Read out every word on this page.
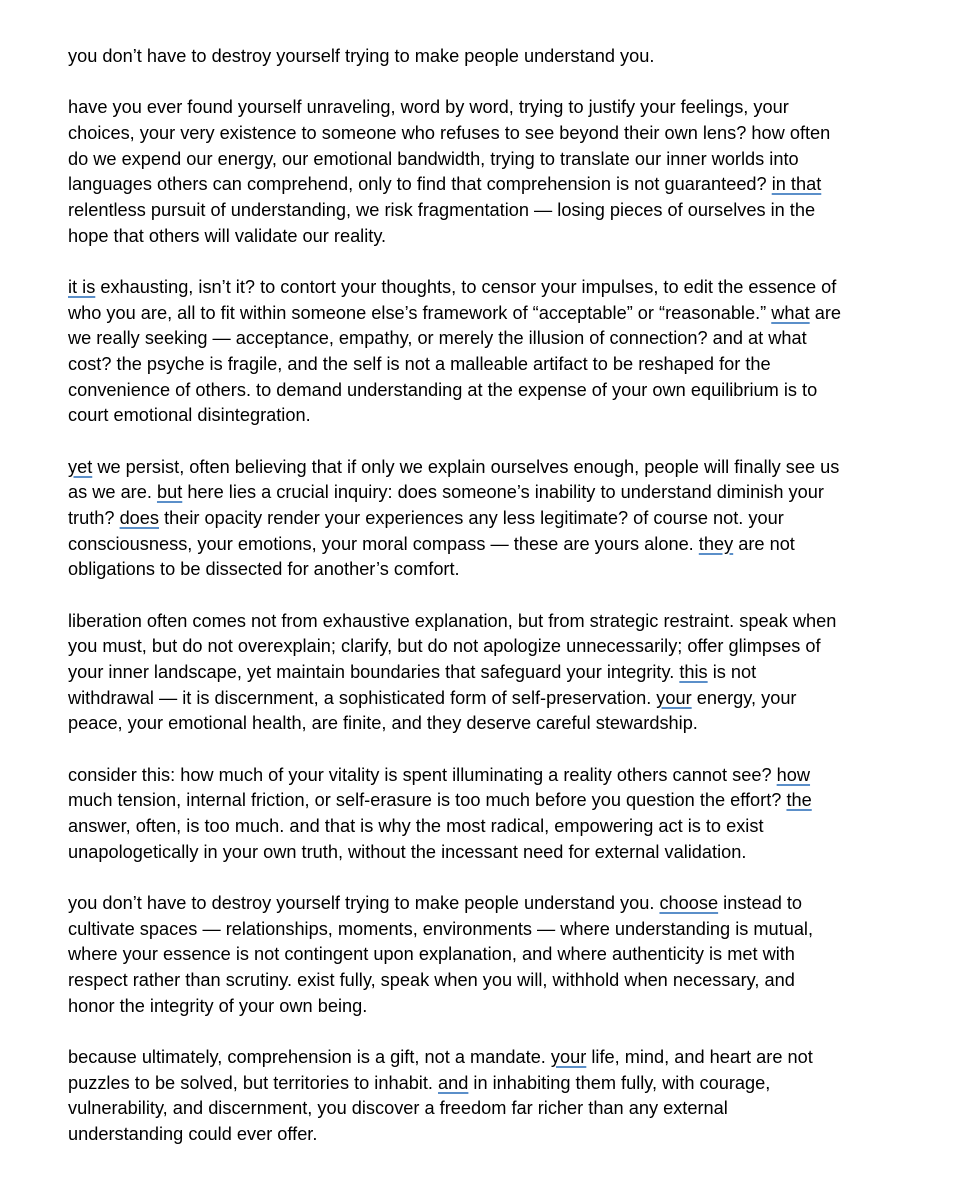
you don’t have to destroy yourself trying to make people understand you.

have you ever found yourself unraveling, word by word, trying to justify your feelings, your
choices, your very existence to someone who refuses to see beyond their own lens? how often
do we expend our energy, our emotional bandwidth, trying to translate our inner worlds into
languages others can comprehend, only to find that comprehension is not guaranteed? in that
relentless pursuit of understanding, we risk fragmentation — losing pieces of ourselves in the
hope that others will validate our reality.

it is exhausting, isn’t it? to contort your thoughts, to censor your impulses, to edit the essence of
who you are, all to fit within someone else’s framework of “acceptable” or “reasonable.” what are
we really seeking — acceptance, empathy, or merely the illusion of connection? and at what
cost? the psyche is fragile, and the self is not a malleable artifact to be reshaped for the
convenience of others. to demand understanding at the expense of your own equilibrium is to
court emotional disintegration.

yet we persist, often believing that if only we explain ourselves enough, people will finally see us
as we are. but here lies a crucial inquiry: does someone’s inability to understand diminish your
truth? does their opacity render your experiences any less legitimate? of course not. your
consciousness, your emotions, your moral compass — these are yours alone. they are not
obligations to be dissected for another’s comfort.

liberation often comes not from exhaustive explanation, but from strategic restraint. speak when
you must, but do not overexplain; clarify, but do not apologize unnecessarily; offer glimpses of
your inner landscape, yet maintain boundaries that safeguard your integrity. this is not
withdrawal — it is discernment, a sophisticated form of self-preservation. your energy, your
peace, your emotional health, are finite, and they deserve careful stewardship.

consider this: how much of your vitality is spent illuminating a reality others cannot see? how
much tension, internal friction, or self-erasure is too much before you question the effort? the
answer, often, is too much. and that is why the most radical, empowering act is to exist
unapologetically in your own truth, without the incessant need for external validation.

you don’t have to destroy yourself trying to make people understand you. choose instead to
cultivate spaces — relationships, moments, environments — where understanding is mutual,
where your essence is not contingent upon explanation, and where authenticity is met with
respect rather than scrutiny. exist fully, speak when you will, withhold when necessary, and
honor the integrity of your own being.

because ultimately, comprehension is a gift, not a mandate. your life, mind, and heart are not
puzzles to be solved, but territories to inhabit. and in inhabiting them fully, with courage,
vulnerability, and discernment, you discover a freedom far richer than any external
understanding could ever offer.
